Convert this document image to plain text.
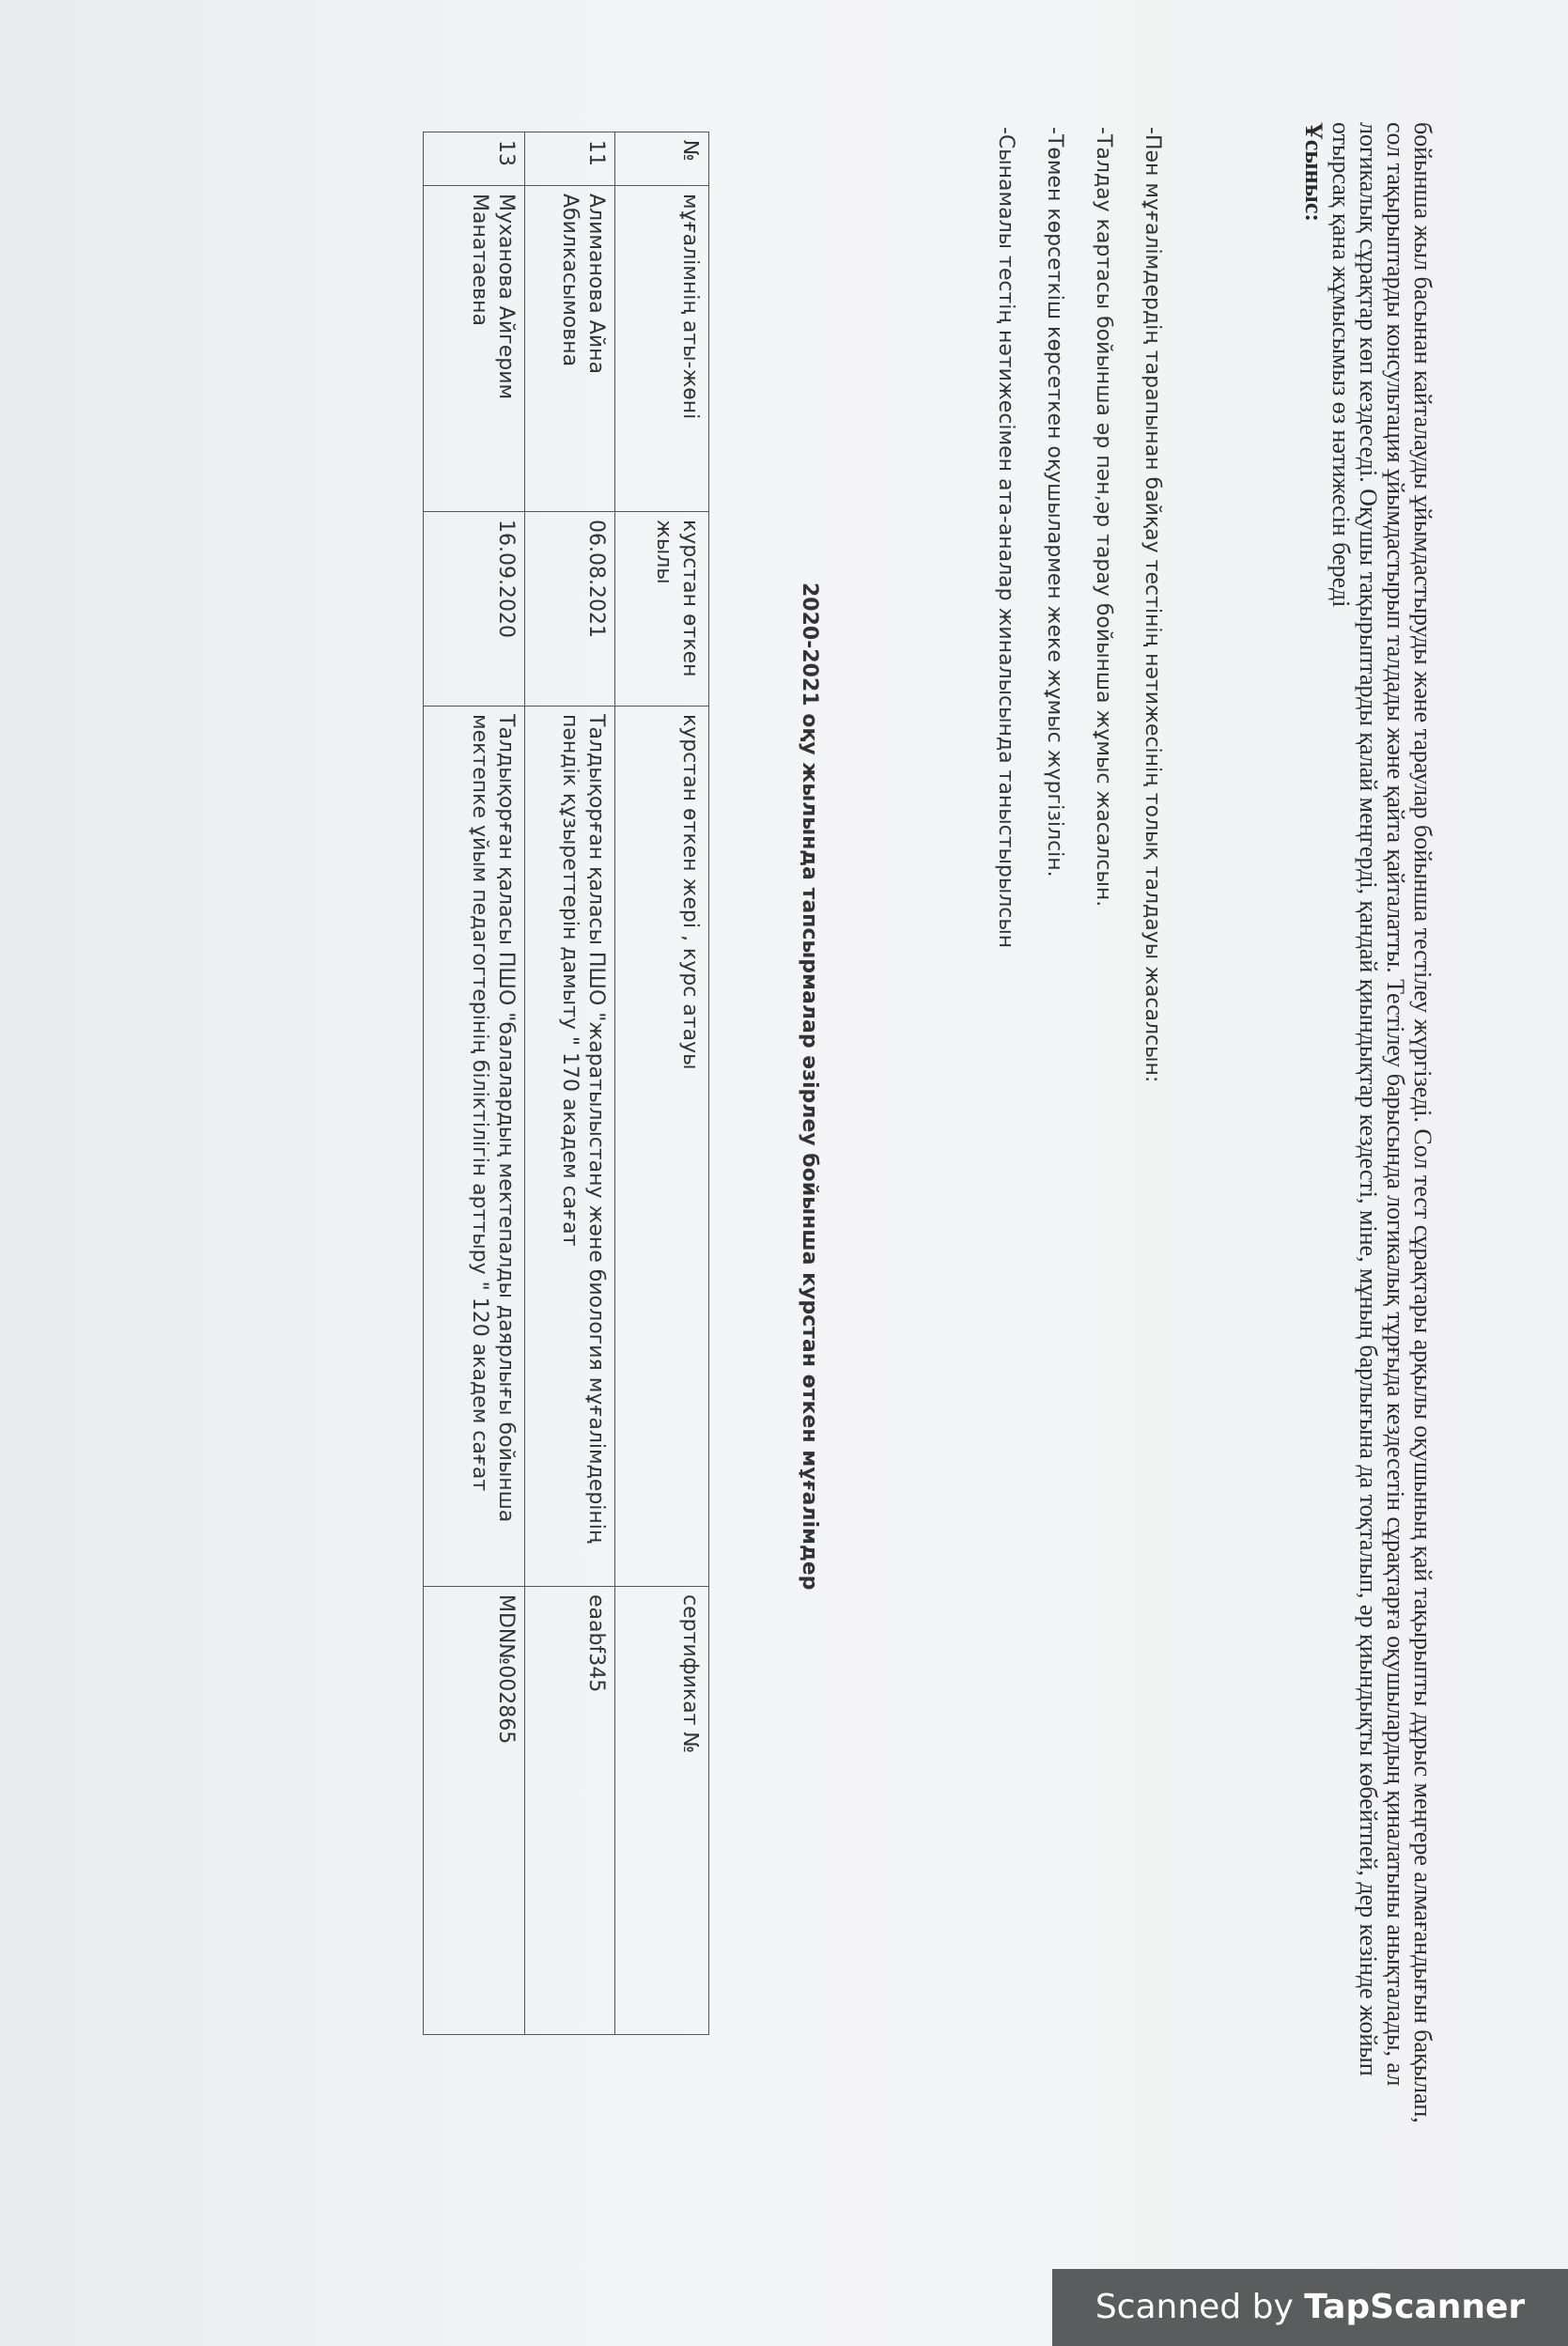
бойынша жыл басынан кайталауды ұйымдастыруды және тараулар бойынша тестілеу жүргізеді. Сол тест сұрақтары арқылы оқушының қай тақырыпты дұрыс меңгере алмағандығын бақылап, сол тақырыптарды консультация ұйымдастырып талдады және қайта қайталатты. Тестілеу барысында логикалық тұрғыда кездесетін сұрақтарға оқушылардың қиналатыны анықталады, ал логикалық сұрақтар көп кездеседі. Оқушы тақырыптарды қалай меңгерді, қандай қиындықтар кездесті, міне, мұның барлығына да тоқталып, әр қиындықты көбейтпей, дер кезінде жойып отырсақ қана жұмысымыз өз нәтижесін береді

Ұсыныс:

-Пән мұғалімдердің тарапынан байқау тестінің нәтижесінің толық талдауы жасалсын:
-Талдау картасы бойынша әр пән,әр тарау бойынша жұмыс жасалсын.
-Төмен көрсеткіш көрсеткен оқушылармен жеке жұмыс жүргізілсін.
-Сынамалы тестің нәтижесімен ата-аналар жиналысында таныстырылсын
2020-2021 оқу жылында тапсырмалар әзірлеу бойынша курстан өткен мұғалімдер
№	мұғалімнің аты-жөні	курстан өткен жылы	курстан өткен жері , курс атауы	сертификат №
11	Алиманова Айна Абилкасымовна	06.08.2021	Талдықорған қаласы ПШО "жаратылыстану және биология мұғалімдерінің пәндік құзыреттерін дамыту " 170 академ сағат	eaabf345
13	Муханова Айгерим Манатаевна	16.09.2020	Талдықорған қаласы ПШО "балалардың мектепалды даярлығы бойынша мектепке ұйым педагогтерінің біліктілігін арттыру " 120 академ сағат	MDN№002865
Scanned by TapScanner
